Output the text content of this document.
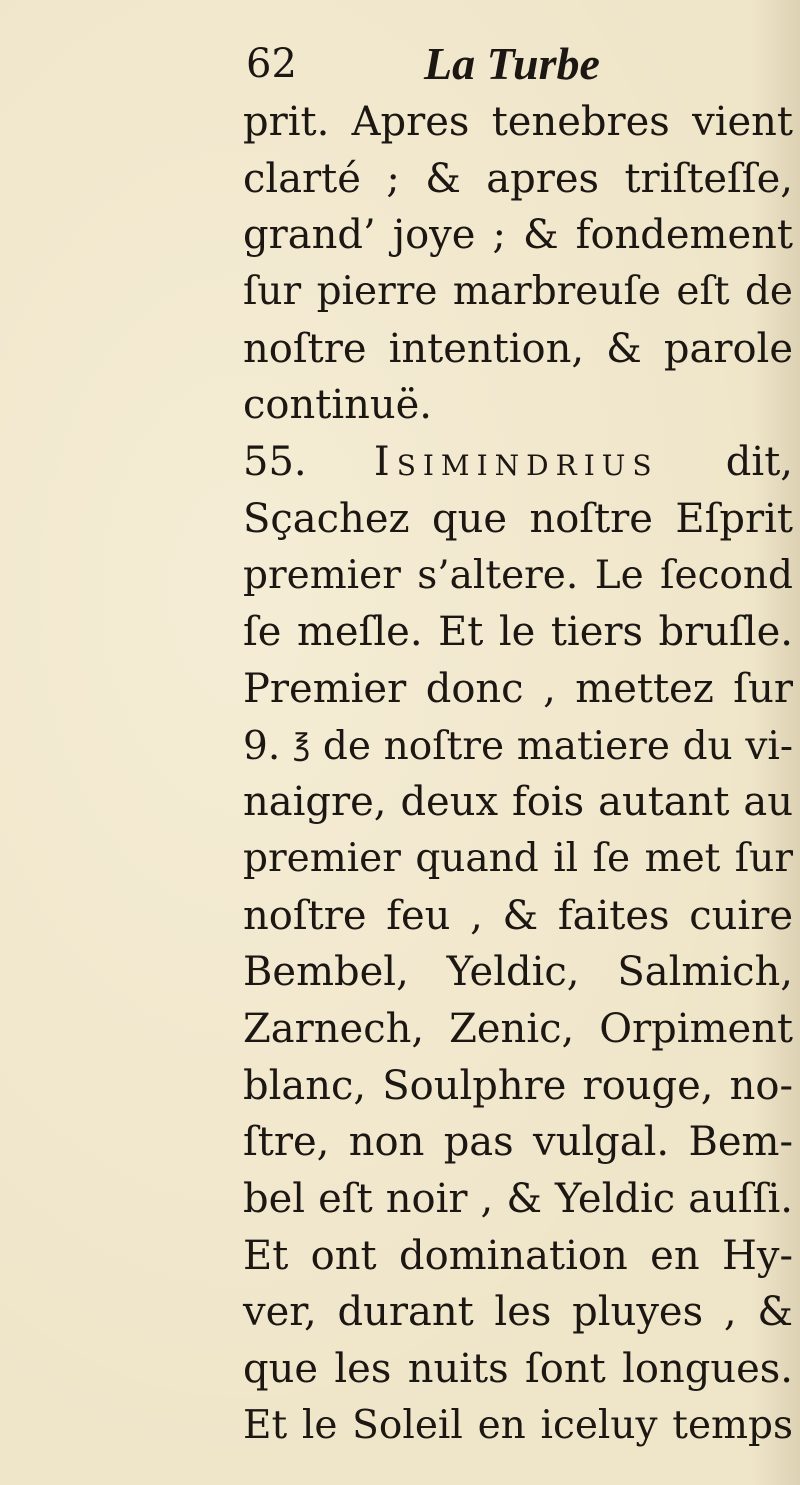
62	La Turbe
prit. Apres tenebres vient
clarté ; & apres triſteſſe,
grand’ joye ; & fondement
ſur pierre marbreuſe eſt de
noſtre intention, & parole
continuë.
55. Isimindrius dit,
Sçachez que noſtre Eſprit
premier s’altere. Le ſecond
ſe meſle. Et le tiers bruſle.
Premier donc , mettez ſur
9. ℥ de noſtre matiere du vi-
naigre, deux fois autant au
premier quand il ſe met ſur
noſtre feu , & faites cuire
Bembel, Yeldic, Salmich,
Zarnech, Zenic, Orpiment
blanc, Soulphre rouge, no-
ſtre, non pas vulgal. Bem-
bel eſt noir , & Yeldic auſſi.
Et ont domination en Hy-
ver, durant les pluyes , &
que les nuits ſont longues.
Et le Soleil en iceluy temps
